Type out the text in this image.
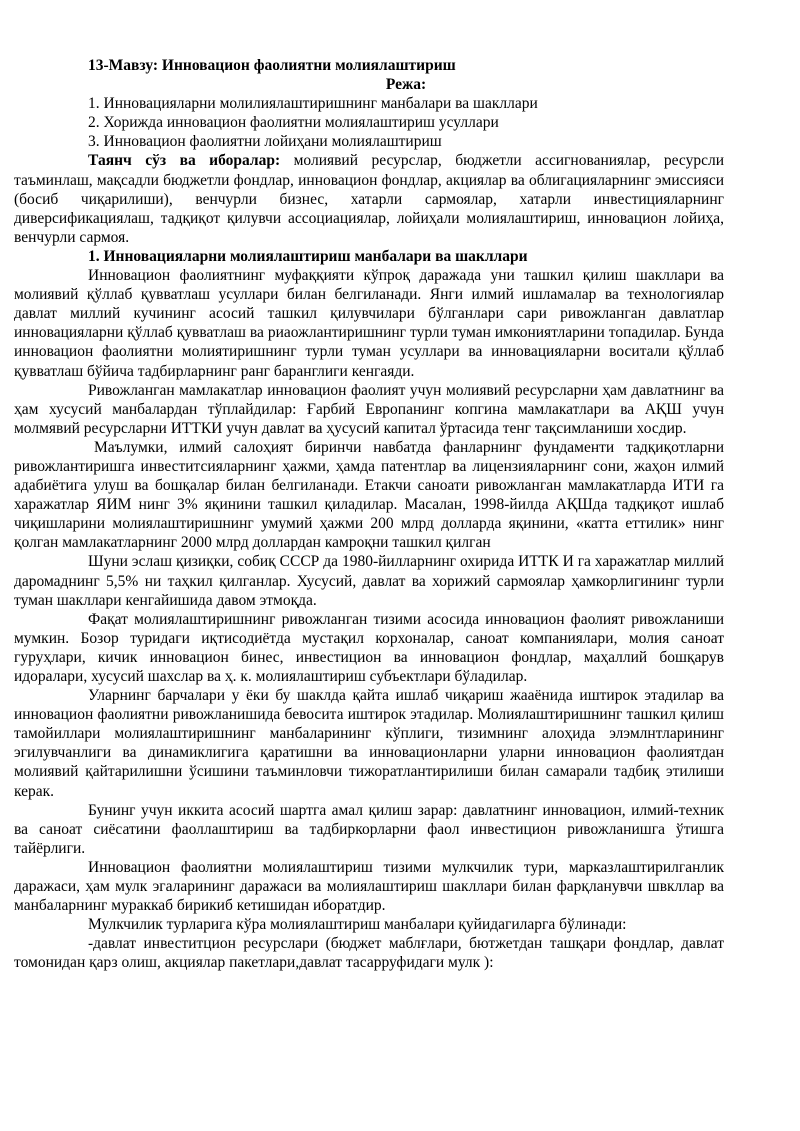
13-Мавзу: Инновацион фаолиятни молиялаштириш

Режа:

1. Инновацияларни молилиялаштиришнинг манбалари ва шакллари

2. Хорижда инновацион фаолиятни молиялаштириш усуллари

3. Инновацион фаолиятни лойиҳани молиялаштириш

Таянч сўз ва иборалар: молиявий ресурслар, бюджетли ассигнованиялар, ресурсли таъминлаш, мақсадли бюджетли фондлар, инновацион фондлар, акциялар ва облигацияларнинг эмиссияси (босиб чиқарилиши), венчурли бизнес, хатарли сармоялар, хатарли инвестицияларнинг диверсификациялаш, тадқиқот қилувчи ассоциациялар, лойиҳали молиялаштириш, инновацион лойиҳа, венчурли сармоя.

1. Инновацияларни молиялаштириш манбалари ва шакллари

Инновацион фаолиятнинг муфаққияти кўпроқ даражада уни ташкил қилиш шакллари ва молиявий қўллаб қувватлаш усуллари билан белгиланади. Янги илмий ишламалар ва технологиялар давлат миллий кучининг асосий ташкил қилувчилари бўлганлари сари ривожланган давлатлар инновацияларни қўллаб қувватлаш ва риаожлантиришнинг турли туман имкониятларини топадилар. Бунда инновацион фаолиятни молиятиришнинг турли туман усуллари ва инновацияларни воситали қўллаб қувватлаш бўйича тадбирларнинг ранг баранглиги кенгаяди.

Ривожланган мамлакатлар инновацион фаолият учун молиявий ресурсларни ҳам давлатнинг ва ҳам хусусий манбалардан тўплайдилар: Ғарбий Европанинг копгина мамлакатлари ва АҚШ учун молмявий ресурсларни ИТТКИ учун давлат ва ҳусусий капитал ўртасида тенг тақсимланиши хосдир.

Маълумки, илмий салоҳият биринчи навбатда фанларнинг фундаменти тадқиқотларни ривожлантиришга инвеститсияларнинг ҳажми, ҳамда патентлар ва лицензияларнинг сони, жаҳон илмий адабиётига улуш ва бошқалар билан белгиланади. Етакчи саноати ривожланган мамлакатларда ИТИ га харажатлар ЯИМ нинг 3% яқинини ташкил қиладилар. Масалан, 1998-йилда АҚШда тадқиқот ишлаб чиқишларини молиялаштиришнинг умумий ҳажми 200 млрд долларда яқинини, «катта еттилик» нинг қолган мамлакатларнинг 2000 млрд доллардан камроқни ташкил қилган

Шуни эслаш қизиқки, собиқ СССР да 1980-йилларнинг охирида ИТТК И га харажатлар миллий даромаднинг 5,5% ни таҳкил қилганлар. Хусусий, давлат ва хорижий сармоялар ҳамкорлигининг турли туман шакллари кенгайишида давом этмоқда.

Фақат молиялаштиришнинг ривожланган тизими асосида инновацион фаолият ривожланиши мумкин. Бозор туридаги иқтисодиётда мустақил корхоналар, саноат компаниялари, молия саноат гуруҳлари, кичик инновацион бинес, инвестицион ва инновацион фондлар, маҳаллий бошқарув идоралари, хусусий шахслар ва ҳ. к. молиялаштириш субъектлари бўладилар.

Уларнинг барчалари у ёки бу шаклда қайта ишлаб чиқариш жааёнида иштирок этадилар ва инновацион фаолиятни ривожланишида бевосита иштирок этадилар. Молиялаштиришнинг ташкил қилиш тамойиллари молиялаштиришнинг манбаларининг кўплиги, тизимнинг алоҳида элэмлнтларининг эгилувчанлиги ва динамиклигига қаратишни ва инновационларни уларни инновацион фаолиятдан молиявий қайтарилишни ўсишини таъминловчи тижоратлантирилиши билан самарали тадбиқ этилиши керак.

Бунинг учун иккита асосий шартга амал қилиш зарар: давлатнинг инновацион, илмий-техник ва саноат сиёсатини фаоллаштириш ва тадбиркорларни фаол инвестицион ривожланишга ўтишга тайёрлиги.

Инновацион фаолиятни молиялаштириш тизими мулкчилик тури, марказлаштирилганлик даражаси, ҳам мулк эгаларининг даражаси ва молиялаштириш шакллари билан фарқланувчи швкллар ва манбаларнинг мураккаб бирикиб кетишидан иборатдир.

Мулкчилик турларига кўра молиялаштириш манбалари қуйидагиларга бўлинади:

-давлат инвеститцион ресурслари (бюджет маблғлари, бютжетдан ташқари фондлар, давлат томонидан қарз олиш, акциялар пакетлари,давлат тасарруфидаги мулк ):
